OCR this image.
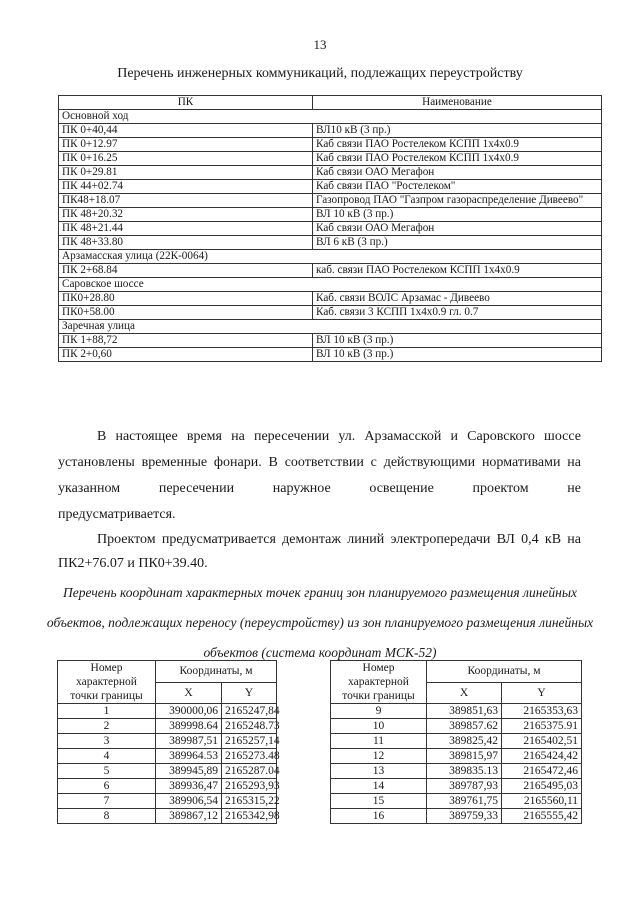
13
Перечень инженерных коммуникаций, подлежащих переустройству
ПК	Наименование
Основной ход	
ПК 0+40,44	ВЛ10 кВ (3 пр.)
ПК 0+12.97	Каб связи ПАО Ростелеком КСПП 1х4х0.9
ПК 0+16.25	Каб связи ПАО Ростелеком КСПП 1х4х0.9
ПК 0+29.81	Каб связи ОАО Мегафон
ПК 44+02.74	Каб связи ПАО "Ростелеком"
ПК48+18.07	Газопровод ПАО "Газпром газораспределение Дивеево"
ПК 48+20.32	ВЛ 10 кВ (3 пр.)
ПК 48+21.44	Каб связи ОАО Мегафон
ПК 48+33.80	ВЛ 6 кВ (3 пр.)
Арзамасская улица (22К-0064)	
ПК 2+68.84	каб. связи ПАО Ростелеком КСПП 1х4х0.9
Саровское шоссе	
ПК0+28.80	Каб. связи ВОЛС Арзамас - Дивеево
ПК0+58.00	Каб. связи 3 КСПП 1х4х0.9 гл. 0.7
Заречная улица	
ПК 1+88,72	ВЛ 10 кВ (3 пр.)
ПК 2+0,60	ВЛ 10 кВ (3 пр.)
В настоящее время на пересечении ул. Арзамасской и Саровского шоссе установлены временные фонари. В соответствии с действующими нормативами на указанном пересечении наружное освещение проектом не
предусматривается.
Проектом предусматривается демонтаж линий электропередачи ВЛ 0,4 кВ на ПК2+76.07 и ПК0+39.40.
Перечень координат характерных точек границ зон планируемого размещения линейных объектов, подлежащих переносу (переустройству) из зон планируемого размещения линейных объектов (система координат МСК-52)
Номер характерной точки границы	Координаты, м	
	X	Y
1	390000,06	2165247,84
2	389998.64	2165248.73
3	389987,51	2165257,14
4	389964.53	2165273.48
5	389945,89	2165287.04
6	389936,47	2165293,93
7	389906,54	2165315,22
8	389867,12	2165342,98
Номер характерной точки границы	Координаты, м	
	X	Y
9	389851,63	2165353,63
10	389857.62	2165375.91
11	389825,42	2165402,51
12	389815,97	2165424,42
13	389835.13	2165472,46
14	389787,93	2165495,03
15	389761,75	2165560,11
16	389759,33	2165555,42
